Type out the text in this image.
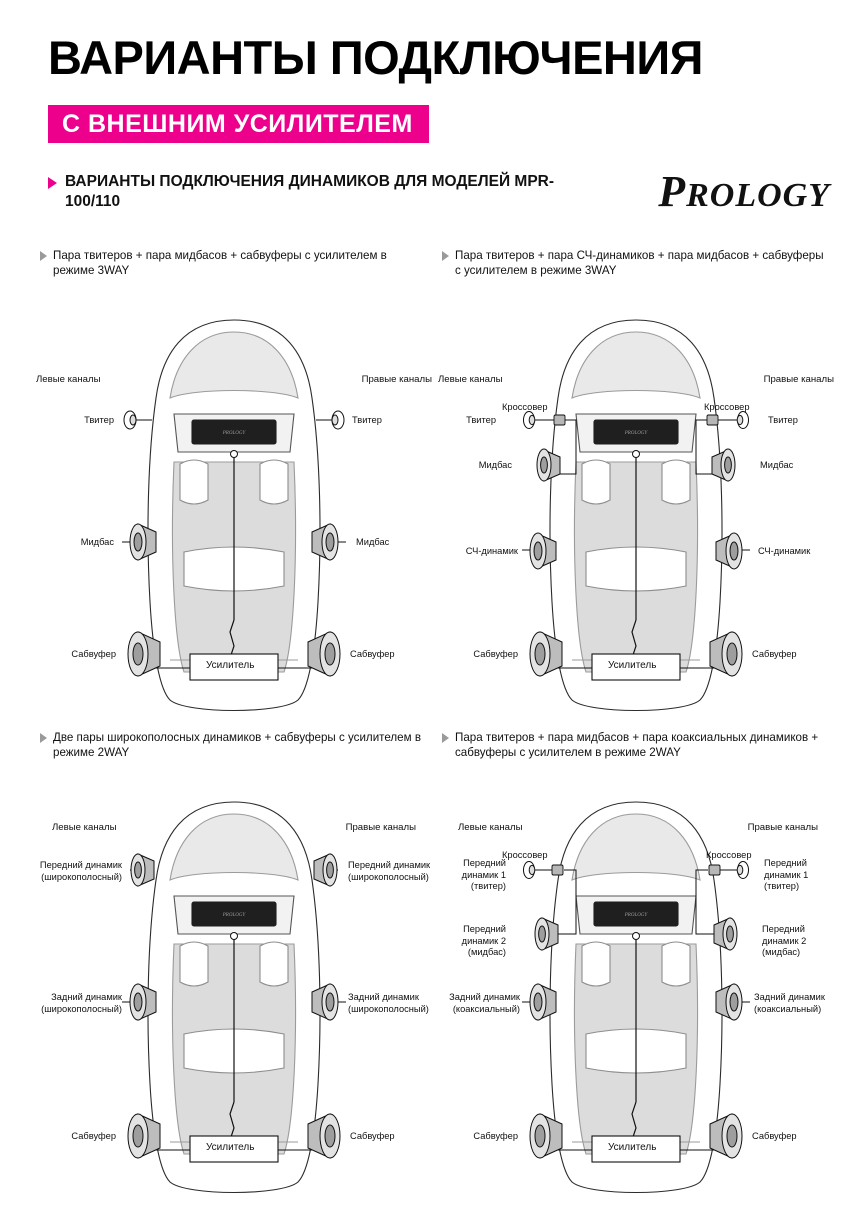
ВАРИАНТЫ ПОДКЛЮЧЕНИЯ
С ВНЕШНИМ УСИЛИТЕЛЕМ
ВАРИАНТЫ ПОДКЛЮЧЕНИЯ ДИНАМИКОВ ДЛЯ МОДЕЛЕЙ MPR-100/110	PROLOGY
Пара твитеров + пара мидбасов + сабвуферы с усилителем в режиме 3WAY
PROLOGY
Левые каналы	Правые каналы
Твитер	Твитер
Мидбас	Мидбас
Сабвуфер	Сабвуфер
Усилитель
Пара твитеров + пара СЧ-динамиков + пара мидбасов + сабвуферы с усилителем в режиме 3WAY
PROLOGY
Левые каналы	Правые каналы
Твитер	Твитер
Кроссовер	Кроссовер
Мидбас	Мидбас
СЧ-динамик	СЧ-динамик
Сабвуфер	Сабвуфер
Усилитель
Две пары широкополосных динамиков + сабвуферы с усилителем в режиме 2WAY
PROLOGY
Левые каналы	Правые каналы
Передний динамик (широкополосный)
Передний динамик (широкополосный)
Задний динамик (широкополосный)
Задний динамик (широкополосный)
Сабвуфер	Сабвуфер
Усилитель
Пара твитеров + пара мидбасов + пара коаксиальных динамиков + сабвуферы с усилителем в режиме 2WAY
PROLOGY
Левые каналы	Правые каналы
Передний динамик 1 (твитер)
Передний динамик 1 (твитер)
Кроссовер	Кроссовер
Передний динамик 2 (мидбас)
Передний динамик 2 (мидбас)
Задний динамик (коаксиальный)
Задний динамик (коаксиальный)
Сабвуфер	Сабвуфер
Усилитель
